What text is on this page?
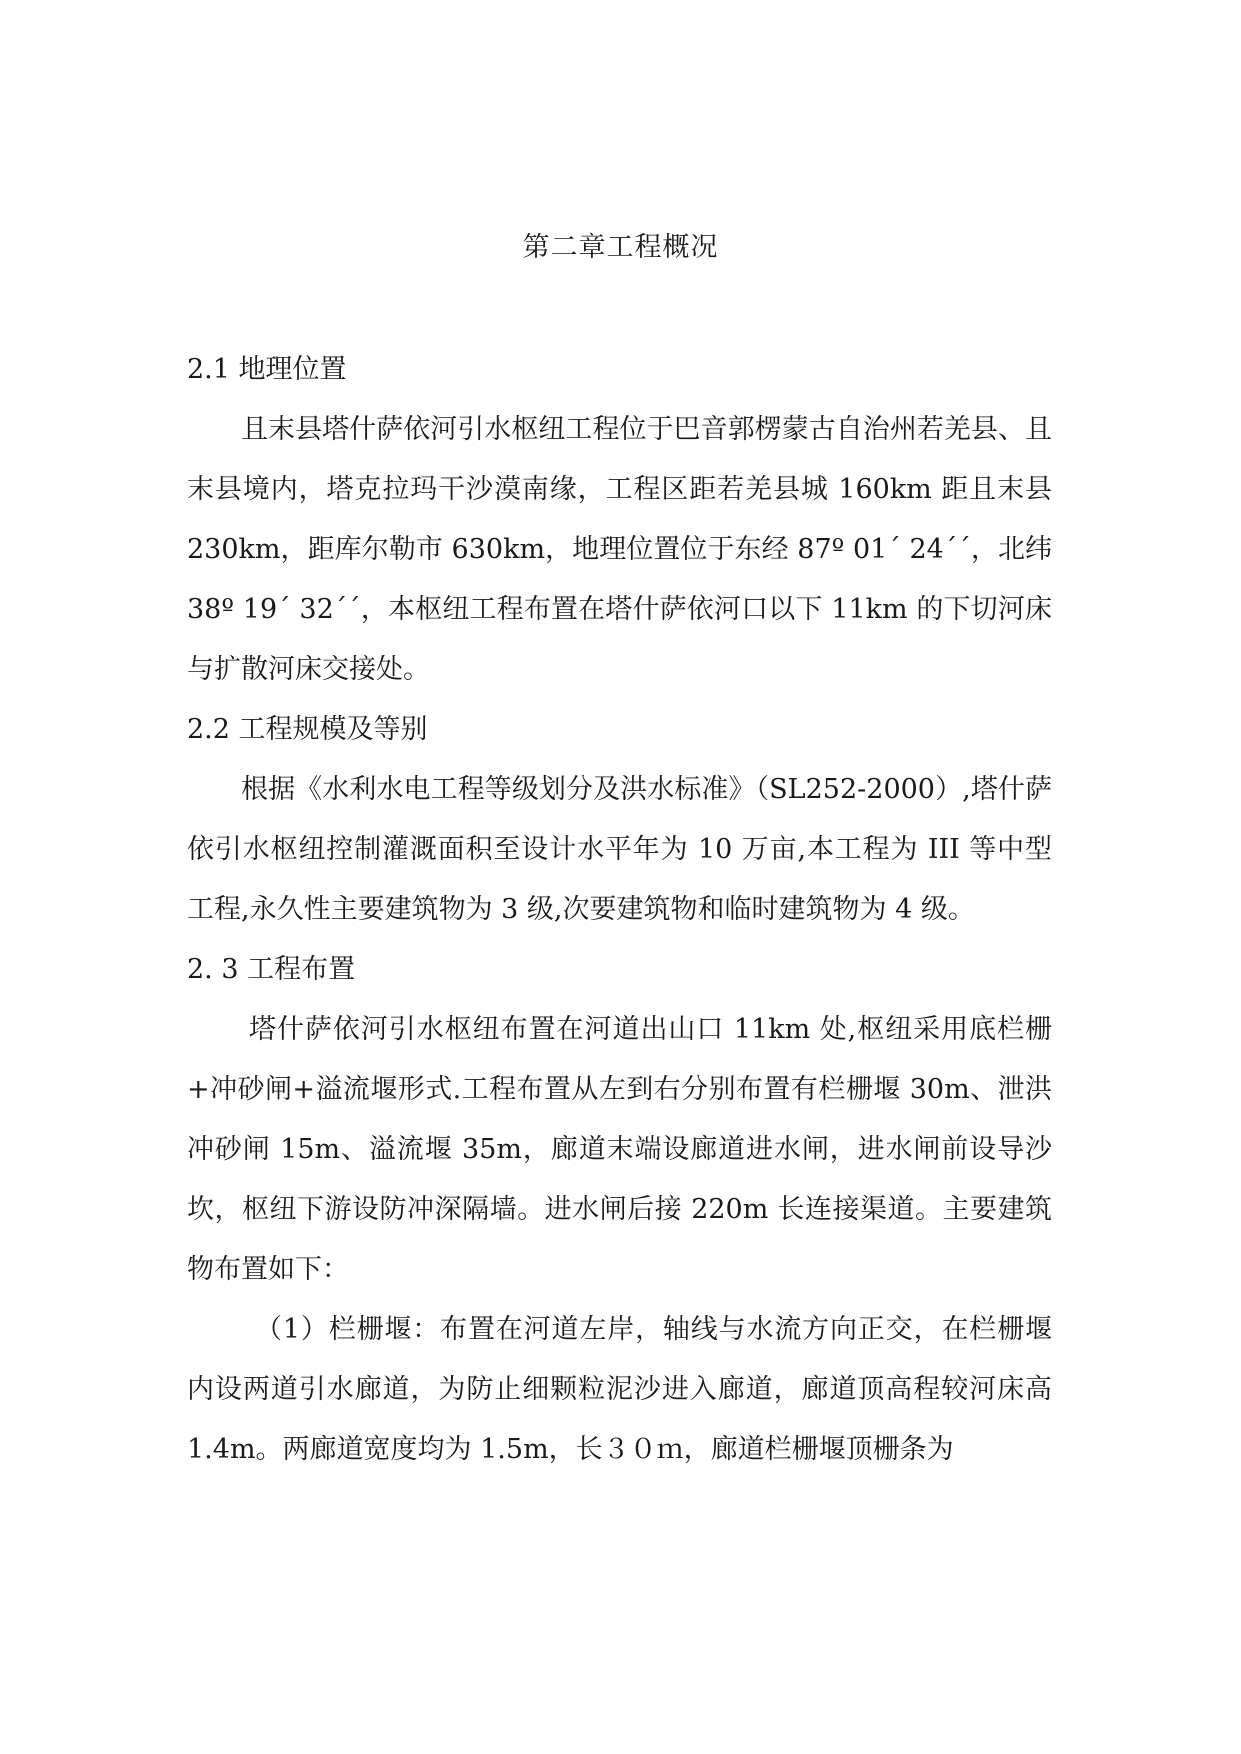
第二章工程概况
2.1 地理位置

且末县塔什萨依河引水枢纽工程位于巴音郭楞蒙古自治州若羌县、且末县境内，塔克拉玛干沙漠南缘，工程区距若羌县城 160km 距且末县 230km，距库尔勒市 630km，地理位置位于东经 87º 01´ 24´´，北纬 38º 19´ 32´´，本枢纽工程布置在塔什萨依河口以下 11km 的下切河床与扩散河床交接处。

2.2 工程规模及等别

根据《水利水电工程等级划分及洪水标准》（SL252-2000）,塔什萨依引水枢纽控制灌溉面积至设计水平年为 10 万亩,本工程为 III 等中型工程,永久性主要建筑物为 3 级,次要建筑物和临时建筑物为 4 级。

2. 3 工程布置

塔什萨依河引水枢纽布置在河道出山口 11km 处,枢纽采用底栏栅+冲砂闸+溢流堰形式.工程布置从左到右分别布置有栏栅堰 30m、泄洪冲砂闸 15m、溢流堰 35m，廊道末端设廊道进水闸，进水闸前设导沙坎，枢纽下游设防冲深隔墙。进水闸后接 220m 长连接渠道。主要建筑物布置如下：

（1）栏栅堰：布置在河道左岸，轴线与水流方向正交，在栏栅堰内设两道引水廊道，为防止细颗粒泥沙进入廊道，廊道顶高程较河床高 1.4m。两廊道宽度均为 1.5m，长３０ｍ，廊道栏栅堰顶栅条为
